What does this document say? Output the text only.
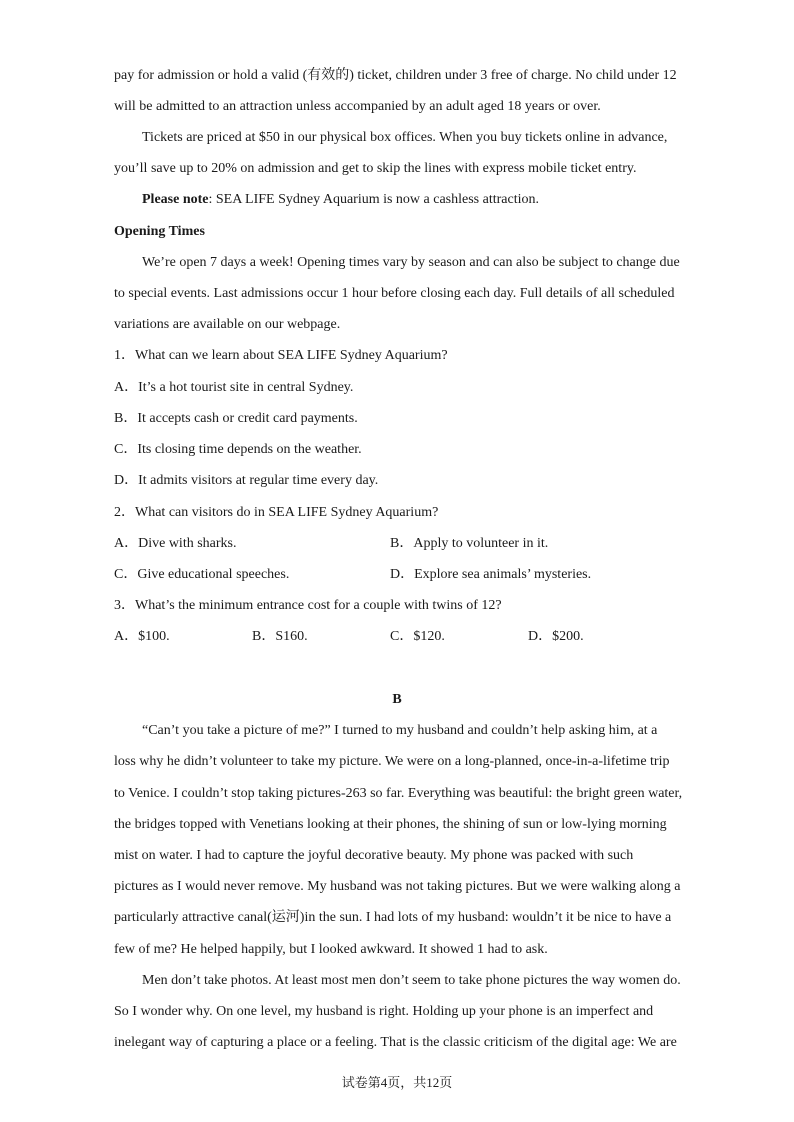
pay for admission or hold a valid (有效的) ticket, children under 3 free of charge. No child under 12
will be admitted to an attraction unless accompanied by an adult aged 18 years or over.
Tickets are priced at $50 in our physical box offices. When you buy tickets online in advance,
you’ll save up to 20% on admission and get to skip the lines with express mobile ticket entry.
Please note: SEA LIFE Sydney Aquarium is now a cashless attraction.
Opening Times
We’re open 7 days a week! Opening times vary by season and can also be subject to change due
to special events. Last admissions occur 1 hour before closing each day. Full details of all scheduled
variations are available on our webpage.
1．What can we learn about SEA LIFE Sydney Aquarium?
A．It’s a hot tourist site in central Sydney.
B．It accepts cash or credit card payments.
C．Its closing time depends on the weather.
D．It admits visitors at regular time every day.
2．What can visitors do in SEA LIFE Sydney Aquarium?
A．Dive with sharks.	B．Apply to volunteer in it.
C．Give educational speeches.	D．Explore sea animals’ mysteries.
3．What’s the minimum entrance cost for a couple with twins of 12?
A．$100.	B．S160.	C．$120.	D．$200.
B
“Can’t you take a picture of me?” I turned to my husband and couldn’t help asking him, at a
loss why he didn’t volunteer to take my picture. We were on a long-planned, once-in-a-lifetime trip
to Venice. I couldn’t stop taking pictures-263 so far. Everything was beautiful: the bright green water,
the bridges topped with Venetians looking at their phones, the shining of sun or low-lying morning
mist on water. I had to capture the joyful decorative beauty. My phone was packed with such
pictures as I would never remove. My husband was not taking pictures. But we were walking along a
particularly attractive canal(运河)in the sun. I had lots of my husband: wouldn’t it be nice to have a
few of me? He helped happily, but I looked awkward. It showed 1 had to ask.
Men don’t take photos. At least most men don’t seem to take phone pictures the way women do.
So I wonder why. On one level, my husband is right. Holding up your phone is an imperfect and
inelegant way of capturing a place or a feeling. That is the classic criticism of the digital age: We are
试卷第4页，共12页
